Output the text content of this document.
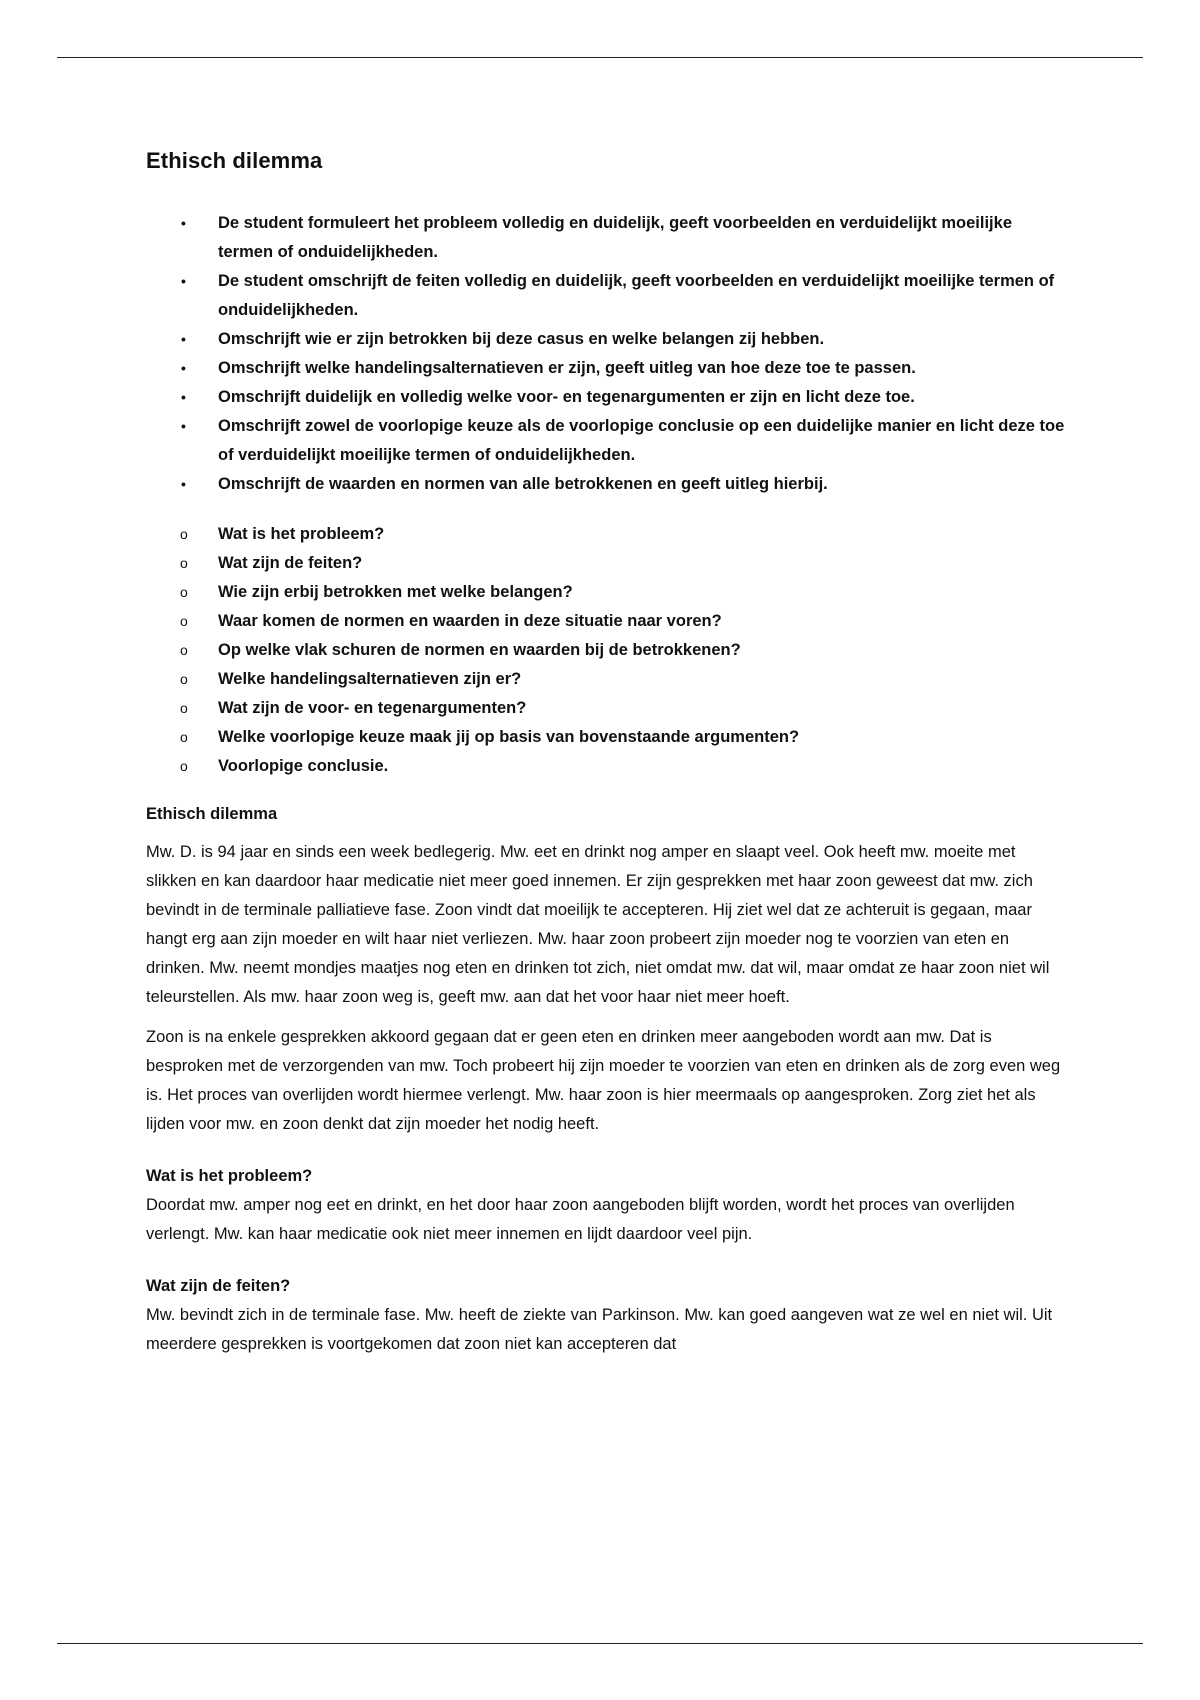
Ethisch dilemma
• De student formuleert het probleem volledig en duidelijk, geeft voorbeelden en verduidelijkt moeilijke termen of onduidelijkheden.
• De student omschrijft de feiten volledig en duidelijk, geeft voorbeelden en verduidelijkt moeilijke termen of onduidelijkheden.
• Omschrijft wie er zijn betrokken bij deze casus en welke belangen zij hebben.
• Omschrijft welke handelingsalternatieven er zijn, geeft uitleg van hoe deze toe te passen.
• Omschrijft duidelijk en volledig welke voor- en tegenargumenten er zijn en licht deze toe.
• Omschrijft zowel de voorlopige keuze als de voorlopige conclusie op een duidelijke manier en licht deze toe of verduidelijkt moeilijke termen of onduidelijkheden.
• Omschrijft de waarden en normen van alle betrokkenen en geeft uitleg hierbij.
o Wat is het probleem?
o Wat zijn de feiten?
o Wie zijn erbij betrokken met welke belangen?
o Waar komen de normen en waarden in deze situatie naar voren?
o Op welke vlak schuren de normen en waarden bij de betrokkenen?
o Welke handelingsalternatieven zijn er?
o Wat zijn de voor- en tegenargumenten?
o Welke voorlopige keuze maak jij op basis van bovenstaande argumenten?
o Voorlopige conclusie.
Ethisch dilemma

Mw. D. is 94 jaar en sinds een week bedlegerig. Mw. eet en drinkt nog amper en slaapt veel. Ook heeft mw. moeite met slikken en kan daardoor haar medicatie niet meer goed innemen. Er zijn gesprekken met haar zoon geweest dat mw. zich bevindt in de terminale palliatieve fase. Zoon vindt dat moeilijk te accepteren. Hij ziet wel dat ze achteruit is gegaan, maar hangt erg aan zijn moeder en wilt haar niet verliezen. Mw. haar zoon probeert zijn moeder nog te voorzien van eten en drinken. Mw. neemt mondjes maatjes nog eten en drinken tot zich, niet omdat mw. dat wil, maar omdat ze haar zoon niet wil teleurstellen. Als mw. haar zoon weg is, geeft mw. aan dat het voor haar niet meer hoeft.

Zoon is na enkele gesprekken akkoord gegaan dat er geen eten en drinken meer aangeboden wordt aan mw. Dat is besproken met de verzorgenden van mw. Toch probeert hij zijn moeder te voorzien van eten en drinken als de zorg even weg is. Het proces van overlijden wordt hiermee verlengt. Mw. haar zoon is hier meermaals op aangesproken. Zorg ziet het als lijden voor mw. en zoon denkt dat zijn moeder het nodig heeft.

Wat is het probleem?

Doordat mw. amper nog eet en drinkt, en het door haar zoon aangeboden blijft worden, wordt het proces van overlijden verlengt. Mw. kan haar medicatie ook niet meer innemen en lijdt daardoor veel pijn.

Wat zijn de feiten?

Mw. bevindt zich in de terminale fase. Mw. heeft de ziekte van Parkinson. Mw. kan goed aangeven wat ze wel en niet wil. Uit meerdere gesprekken is voortgekomen dat zoon niet kan accepteren dat
